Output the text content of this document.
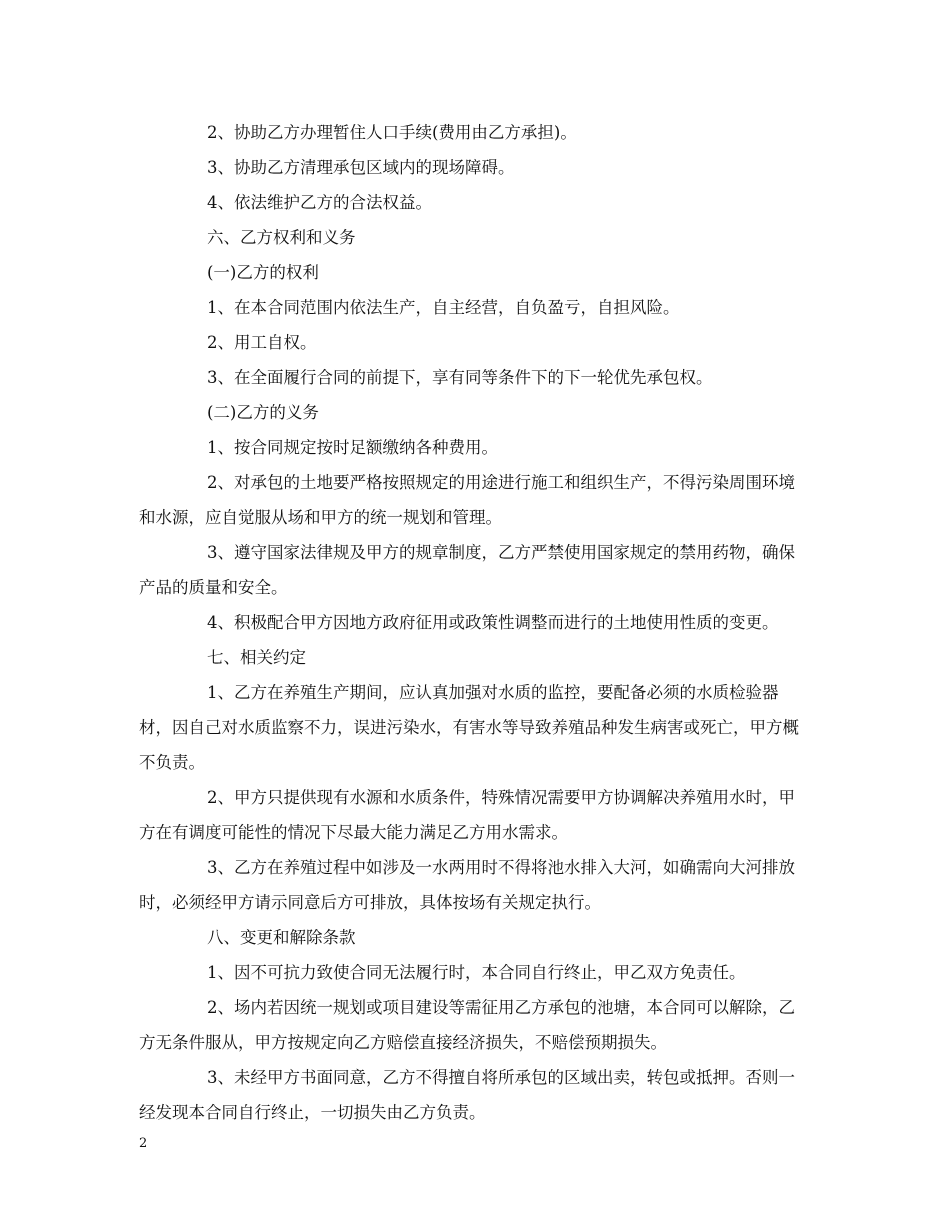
2、协助乙方办理暂住人口手续(费用由乙方承担)。

3、协助乙方清理承包区域内的现场障碍。

4、依法维护乙方的合法权益。

六、乙方权利和义务

(一)乙方的权利

1、在本合同范围内依法生产，自主经营，自负盈亏，自担风险。

2、用工自权。

3、在全面履行合同的前提下，享有同等条件下的下一轮优先承包权。

(二)乙方的义务

1、按合同规定按时足额缴纳各种费用。

2、对承包的土地要严格按照规定的用途进行施工和组织生产，不得污染周围环境和水源，应自觉服从场和甲方的统一规划和管理。

3、遵守国家法律规及甲方的规章制度，乙方严禁使用国家规定的禁用药物，确保产品的质量和安全。

4、积极配合甲方因地方政府征用或政策性调整而进行的土地使用性质的变更。

七、相关约定

1、乙方在养殖生产期间，应认真加强对水质的监控，要配备必须的水质检验器材，因自己对水质监察不力，误进污染水，有害水等导致养殖品种发生病害或死亡，甲方概不负责。

2、甲方只提供现有水源和水质条件，特殊情况需要甲方协调解决养殖用水时，甲方在有调度可能性的情况下尽最大能力满足乙方用水需求。

3、乙方在养殖过程中如涉及一水两用时不得将池水排入大河，如确需向大河排放时，必须经甲方请示同意后方可排放，具体按场有关规定执行。

八、变更和解除条款

1、因不可抗力致使合同无法履行时，本合同自行终止，甲乙双方免责任。

2、场内若因统一规划或项目建设等需征用乙方承包的池塘，本合同可以解除，乙方无条件服从，甲方按规定向乙方赔偿直接经济损失，不赔偿预期损失。

3、未经甲方书面同意，乙方不得擅自将所承包的区域出卖，转包或抵押。否则一经发现本合同自行终止，一切损失由乙方负责。

2
